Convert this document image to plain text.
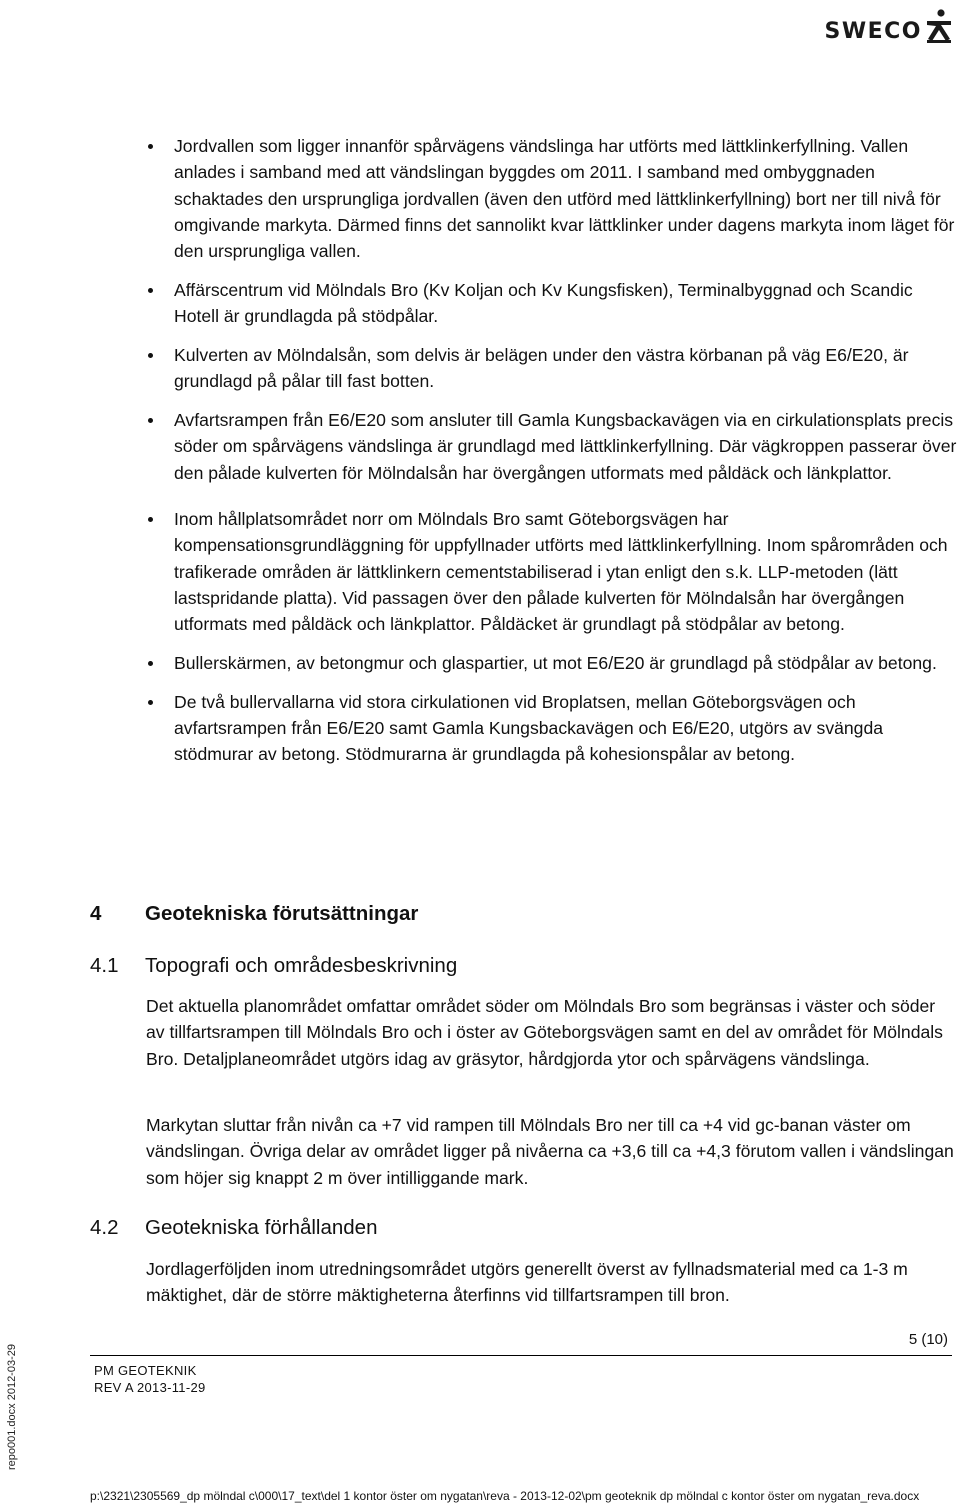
SWECO
Jordvallen som ligger innanför spårvägens vändslinga har utförts med lättklinkerfyllning. Vallen anlades i samband med att vändslingan byggdes om 2011. I samband med ombyggnaden schaktades den ursprungliga jordvallen (även den utförd med lättklinkerfyllning) bort ner till nivå för omgivande markyta. Därmed finns det sannolikt kvar lättklinker under dagens markyta inom läget för den ursprungliga vallen.
Affärscentrum vid Mölndals Bro (Kv Koljan och Kv Kungsfisken), Terminalbyggnad och Scandic Hotell är grundlagda på stödpålar.
Kulverten av Mölndalsån, som delvis är belägen under den västra körbanan på väg E6/E20, är grundlagd på pålar till fast botten.
Avfartsrampen från E6/E20 som ansluter till Gamla Kungsbackavägen via en cirkulationsplats precis söder om spårvägens vändslinga är grundlagd med lättklinkerfyllning. Där vägkroppen passerar över den pålade kulverten för Mölndalsån har övergången utformats med påldäck och länkplattor.
Inom hållplatsområdet norr om Mölndals Bro samt Göteborgsvägen har kompensationsgrundläggning för uppfyllnader utförts med lättklinkerfyllning. Inom spårområden och trafikerade områden är lättklinkern cementstabiliserad i ytan enligt den s.k. LLP-metoden (lätt lastspridande platta). Vid passagen över den pålade kulverten för Mölndalsån har övergången utformats med påldäck och länkplattor. Påldäcket är grundlagt på stödpålar av betong.
Bullerskärmen, av betongmur och glaspartier, ut mot E6/E20 är grundlagd på stödpålar av betong.
De två bullervallarna vid stora cirkulationen vid Broplatsen, mellan Göteborgsvägen och avfartsrampen från E6/E20 samt Gamla Kungsbackavägen och E6/E20, utgörs av svängda stödmurar av betong. Stödmurarna är grundlagda på kohesionspålar av betong.
4 Geotekniska förutsättningar
4.1 Topografi och områdesbeskrivning

Det aktuella planområdet omfattar området söder om Mölndals Bro som begränsas i väster och söder av tillfartsrampen till Mölndals Bro och i öster av Göteborgsvägen samt en del av området för Mölndals Bro. Detaljplaneområdet utgörs idag av gräsytor, hårdgjorda ytor och spårvägens vändslinga.

Markytan sluttar från nivån ca +7 vid rampen till Mölndals Bro ner till ca +4 vid gc-banan väster om vändslingan. Övriga delar av området ligger på nivåerna ca +3,6 till ca +4,3 förutom vallen i vändslingan som höjer sig knappt 2 m över intilliggande mark.

4.2 Geotekniska förhållanden

Jordlagerföljden inom utredningsområdet utgörs generellt överst av fyllnadsmaterial med ca 1-3 m mäktighet, där de större mäktigheterna återfinns vid tillfartsrampen till bron.

5 (10)
PM GEOTEKNIK
REV A 2013-11-29
repo001.docx 2012-03-29
p:\2321\2305569_dp mölndal c\000\17_text\del 1 kontor öster om nygatan\reva - 2013-12-02\pm geoteknik dp mölndal c kontor öster om nygatan_reva.docx
